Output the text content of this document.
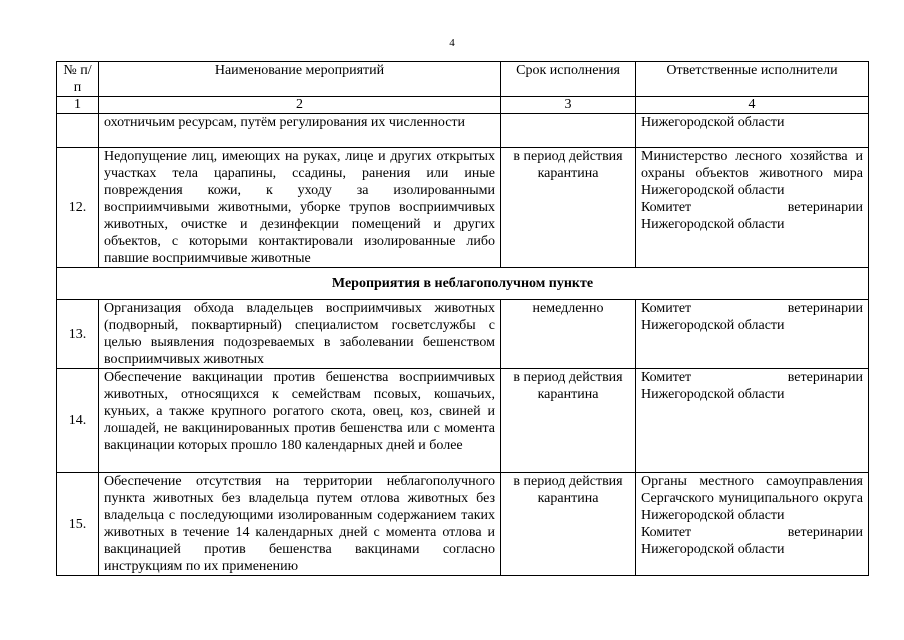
4
№ п/п	Наименование мероприятий	Срок исполнения	Ответственные исполнители
1	2	3	4
	охотничьим ресурсам, путём регулирования их численности		Нижегородской области

12.	Недопущение лиц, имеющих на руках, лице и других открытых участках тела царапины, ссадины, ранения или иные повреждения кожи, к уходу за изолированными восприимчивыми животными, уборке трупов восприимчивых животных, очистке и дезинфекции помещений и других объектов, с которыми контактировали изолированные либо павшие восприимчивые животные	в период действия карантина	Министерство лесного хозяйства и охраны объектов животного мира Нижегородской области
Комитет ветеринарии Нижегородской области

Мероприятия в неблагополучном пункте			
13.	Организация обхода владельцев восприимчивых животных (подворный, поквартирный) специалистом госветслужбы с целью выявления подозреваемых в заболевании бешенством восприимчивых животных	немедленно	Комитет ветеринарии Нижегородской области

14.	Обеспечение вакцинации против бешенства восприимчивых животных, относящихся к семействам псовых, кошачьих, куньих, а также крупного рогатого скота, овец, коз, свиней и лошадей, не вакцинированных против бешенства или с момента вакцинации которых прошло 180 календарных дней и более	в период действия карантина	Комитет ветеринарии Нижегородской области

15.	Обеспечение отсутствия на территории неблагополучного пункта животных без владельца путем отлова животных без владельца с последующими изолированным содержанием таких животных в течение 14 календарных дней с момента отлова и вакцинацией против бешенства вакцинами согласно инструкциям по их применению	в период действия карантина	Органы местного самоуправления Сергачского муниципального округа Нижегородской области
Комитет ветеринарии Нижегородской области
